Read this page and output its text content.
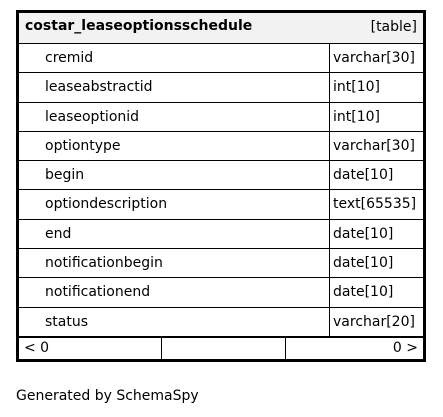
costar_leaseoptionsschedule	[table]
cremid	varchar[30]
leaseabstractid	int[10]
leaseoptionid	int[10]
optiontype	varchar[30]
begin	date[10]
optiondescription	text[65535]
end	date[10]
notificationbegin	date[10]
notificationend	date[10]
status	varchar[20]
< 0	0 >
Generated by SchemaSpy
